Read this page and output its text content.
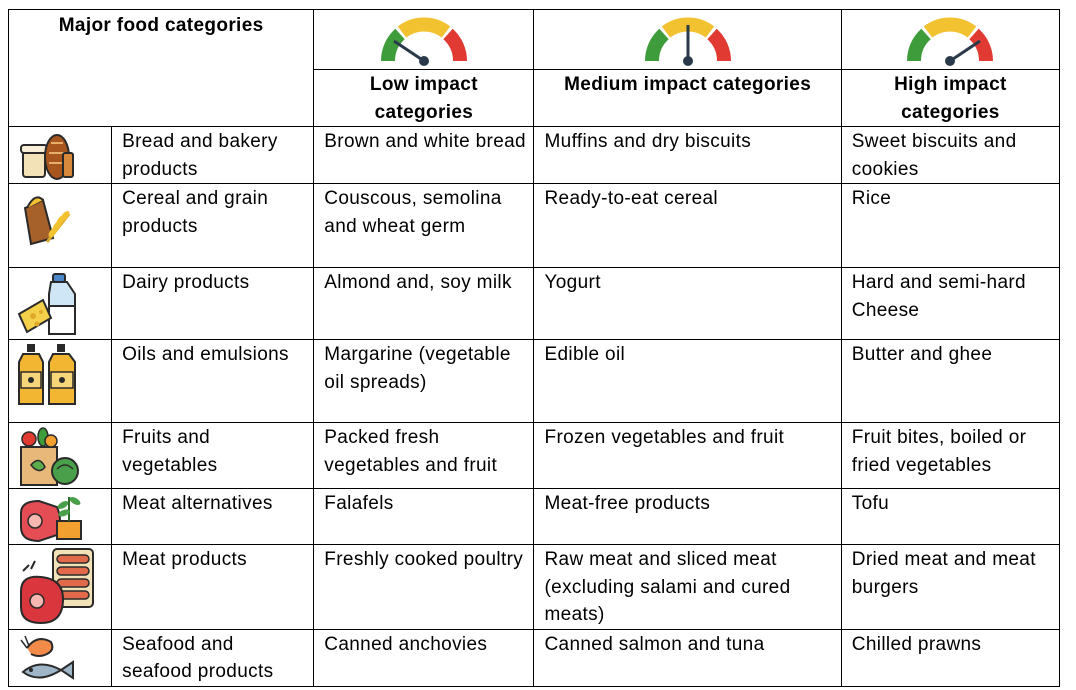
Major food categories	

		Low impact categories	Medium impact categories	High impact categories

	Bread and bakery products	Brown and white bread	Muffins and dry biscuits	Sweet biscuits and cookies

	Cereal and grain products	Couscous, semolina and wheat germ	Ready-to-eat cereal	Rice

	Dairy products	Almond and, soy milk	Yogurt	Hard and semi-hard Cheese

	Oils and emulsions	Margarine (vegetable oil spreads)	Edible oil	Butter and ghee

	Fruits and vegetables	Packed fresh vegetables and fruit	Frozen vegetables and fruit	Fruit bites, boiled or fried vegetables

	Meat alternatives	Falafels	Meat-free products	Tofu

	Meat products	Freshly cooked poultry	Raw meat and sliced meat (excluding salami and cured meats)	Dried meat and meat burgers

	Seafood and seafood products	Canned anchovies	Canned salmon and tuna	Chilled prawns
